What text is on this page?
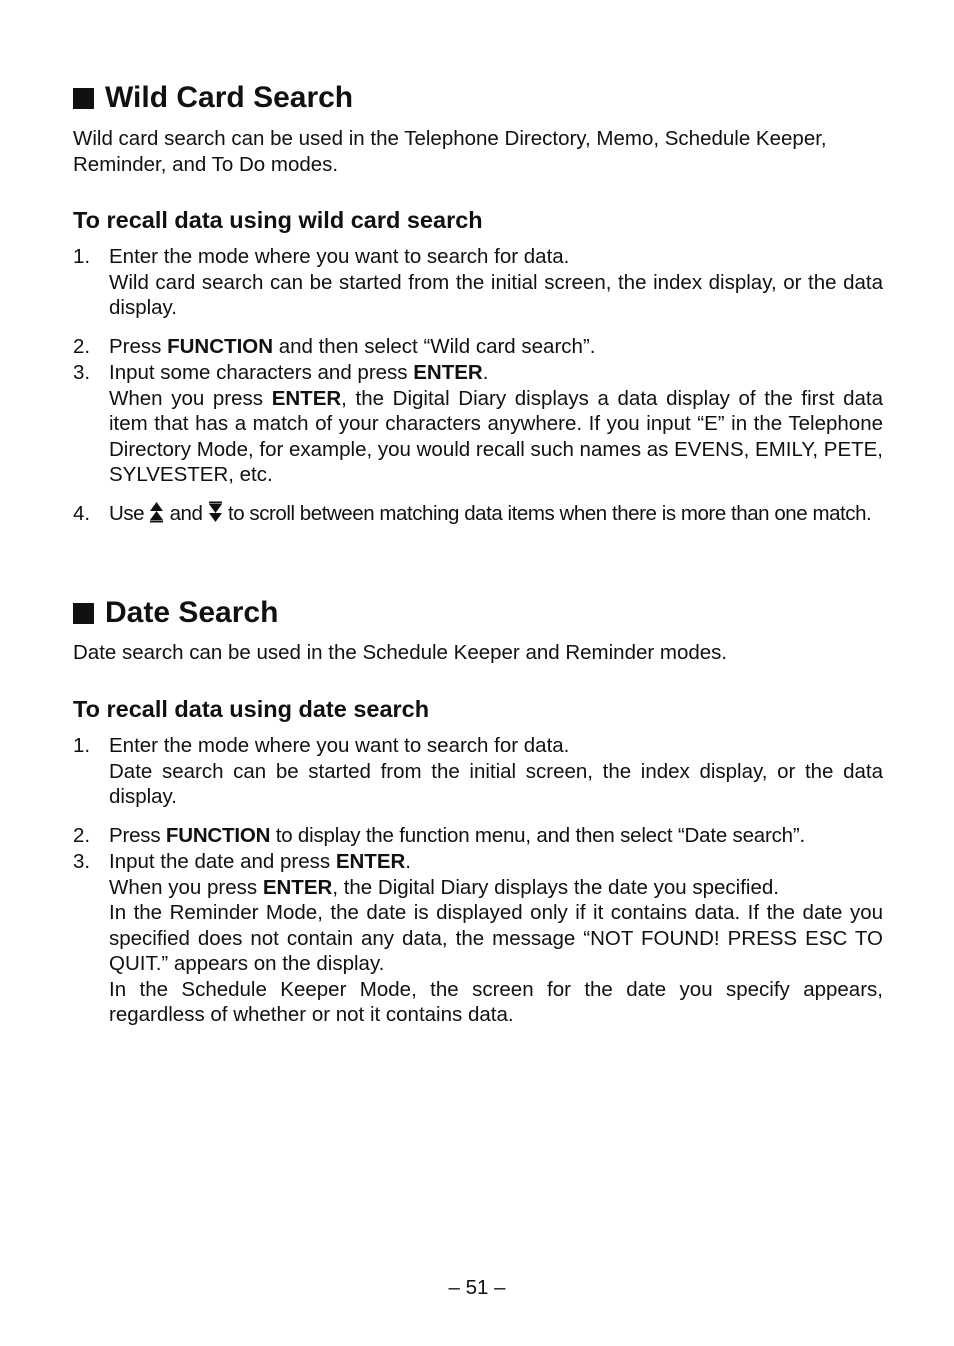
Wild Card Search

Wild card search can be used in the Telephone Directory, Memo, Schedule Keeper, Reminder, and To Do modes.

To recall data using wild card search
1. Enter the mode where you want to search for data.
Wild card search can be started from the initial screen, the index display, or the data display.
2. Press FUNCTION and then select “Wild card search”.
3. Input some characters and press ENTER.
When you press ENTER, the Digital Diary displays a data display of the first data item that has a match of your characters anywhere. If you input “E” in the Telephone Directory Mode, for example, you would recall such names as EVENS, EMILY, PETE, SYLVESTER, etc.
4. Use  and  to scroll between matching data items when there is more than one match.
Date Search

Date search can be used in the Schedule Keeper and Reminder modes.

To recall data using date search
1. Enter the mode where you want to search for data.
Date search can be started from the initial screen, the index display, or the data display.
2. Press FUNCTION to display the function menu, and then select “Date search”.
3. Input the date and press ENTER.
When you press ENTER, the Digital Diary displays the date you specified.
In the Reminder Mode, the date is displayed only if it contains data. If the date you specified does not contain any data, the message “NOT FOUND! PRESS ESC TO QUIT.” appears on the display.
In the Schedule Keeper Mode, the screen for the date you specify appears, regardless of whether or not it contains data.
– 51 –
